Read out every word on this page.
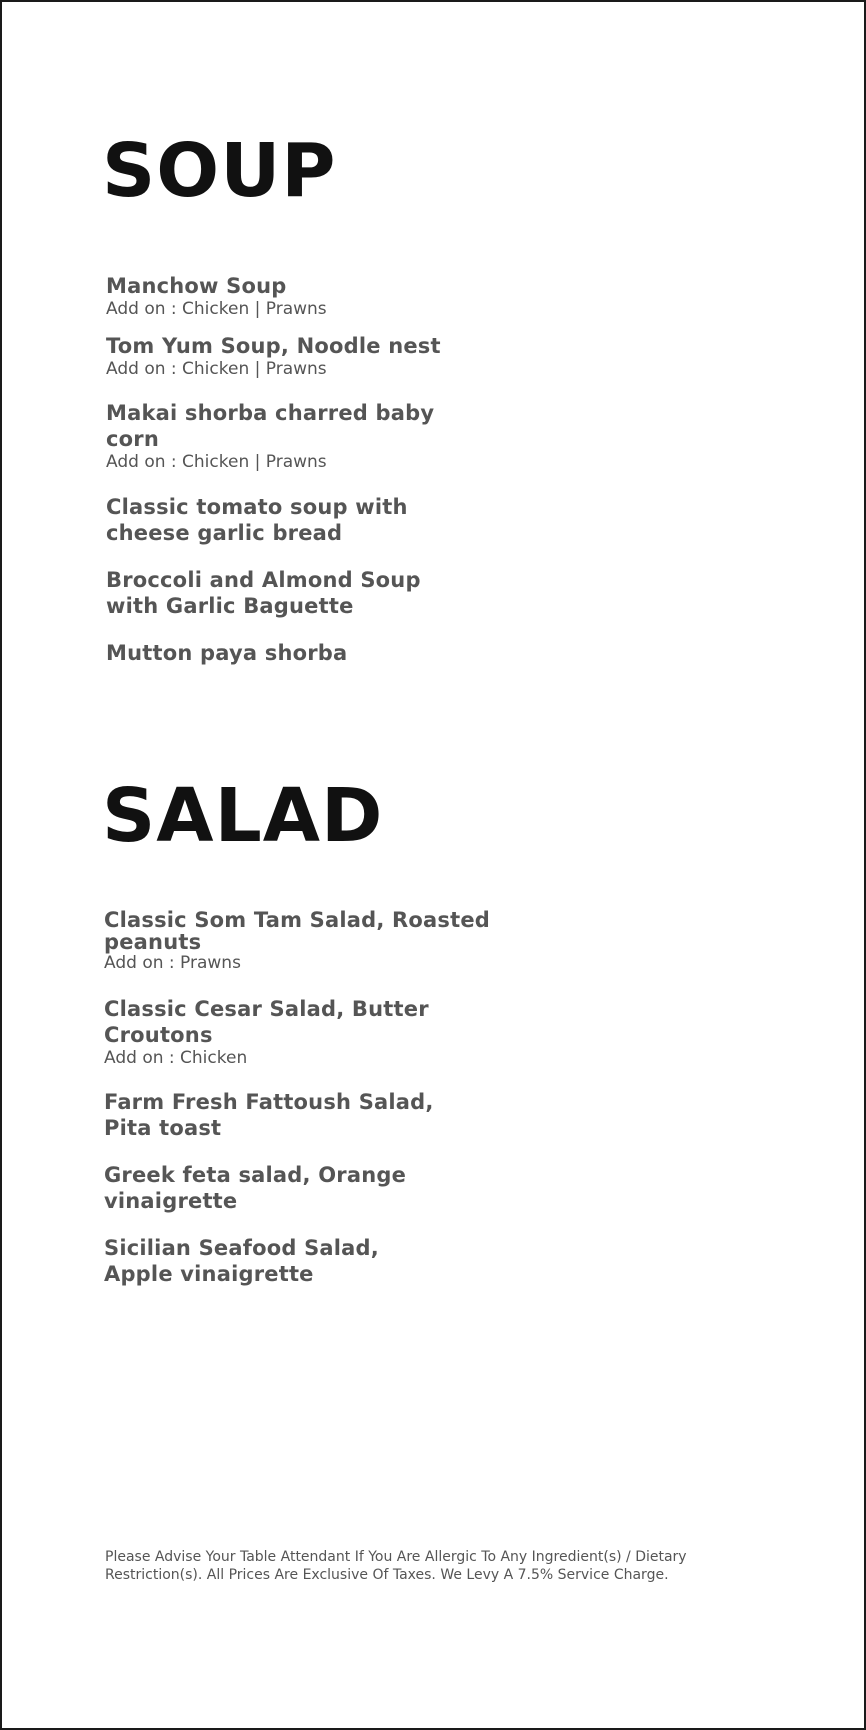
SOUP
Manchow Soup
Add on : Chicken | Prawns
Tom Yum Soup, Noodle nest
Add on : Chicken | Prawns
Makai shorba charred baby corn
Add on : Chicken | Prawns
Classic tomato soup with cheese garlic bread
Broccoli and Almond Soup with Garlic Baguette
Mutton paya shorba
SALAD
Classic Som Tam Salad, Roasted peanuts
Add on : Prawns
Classic Cesar Salad, Butter Croutons
Add on : Chicken
Farm Fresh Fattoush Salad, Pita toast
Greek feta salad, Orange vinaigrette
Sicilian Seafood Salad, Apple vinaigrette
Please Advise Your Table Attendant If You Are Allergic To Any Ingredient(s) / Dietary Restriction(s). All Prices Are Exclusive Of Taxes. We Levy A 7.5% Service Charge.
